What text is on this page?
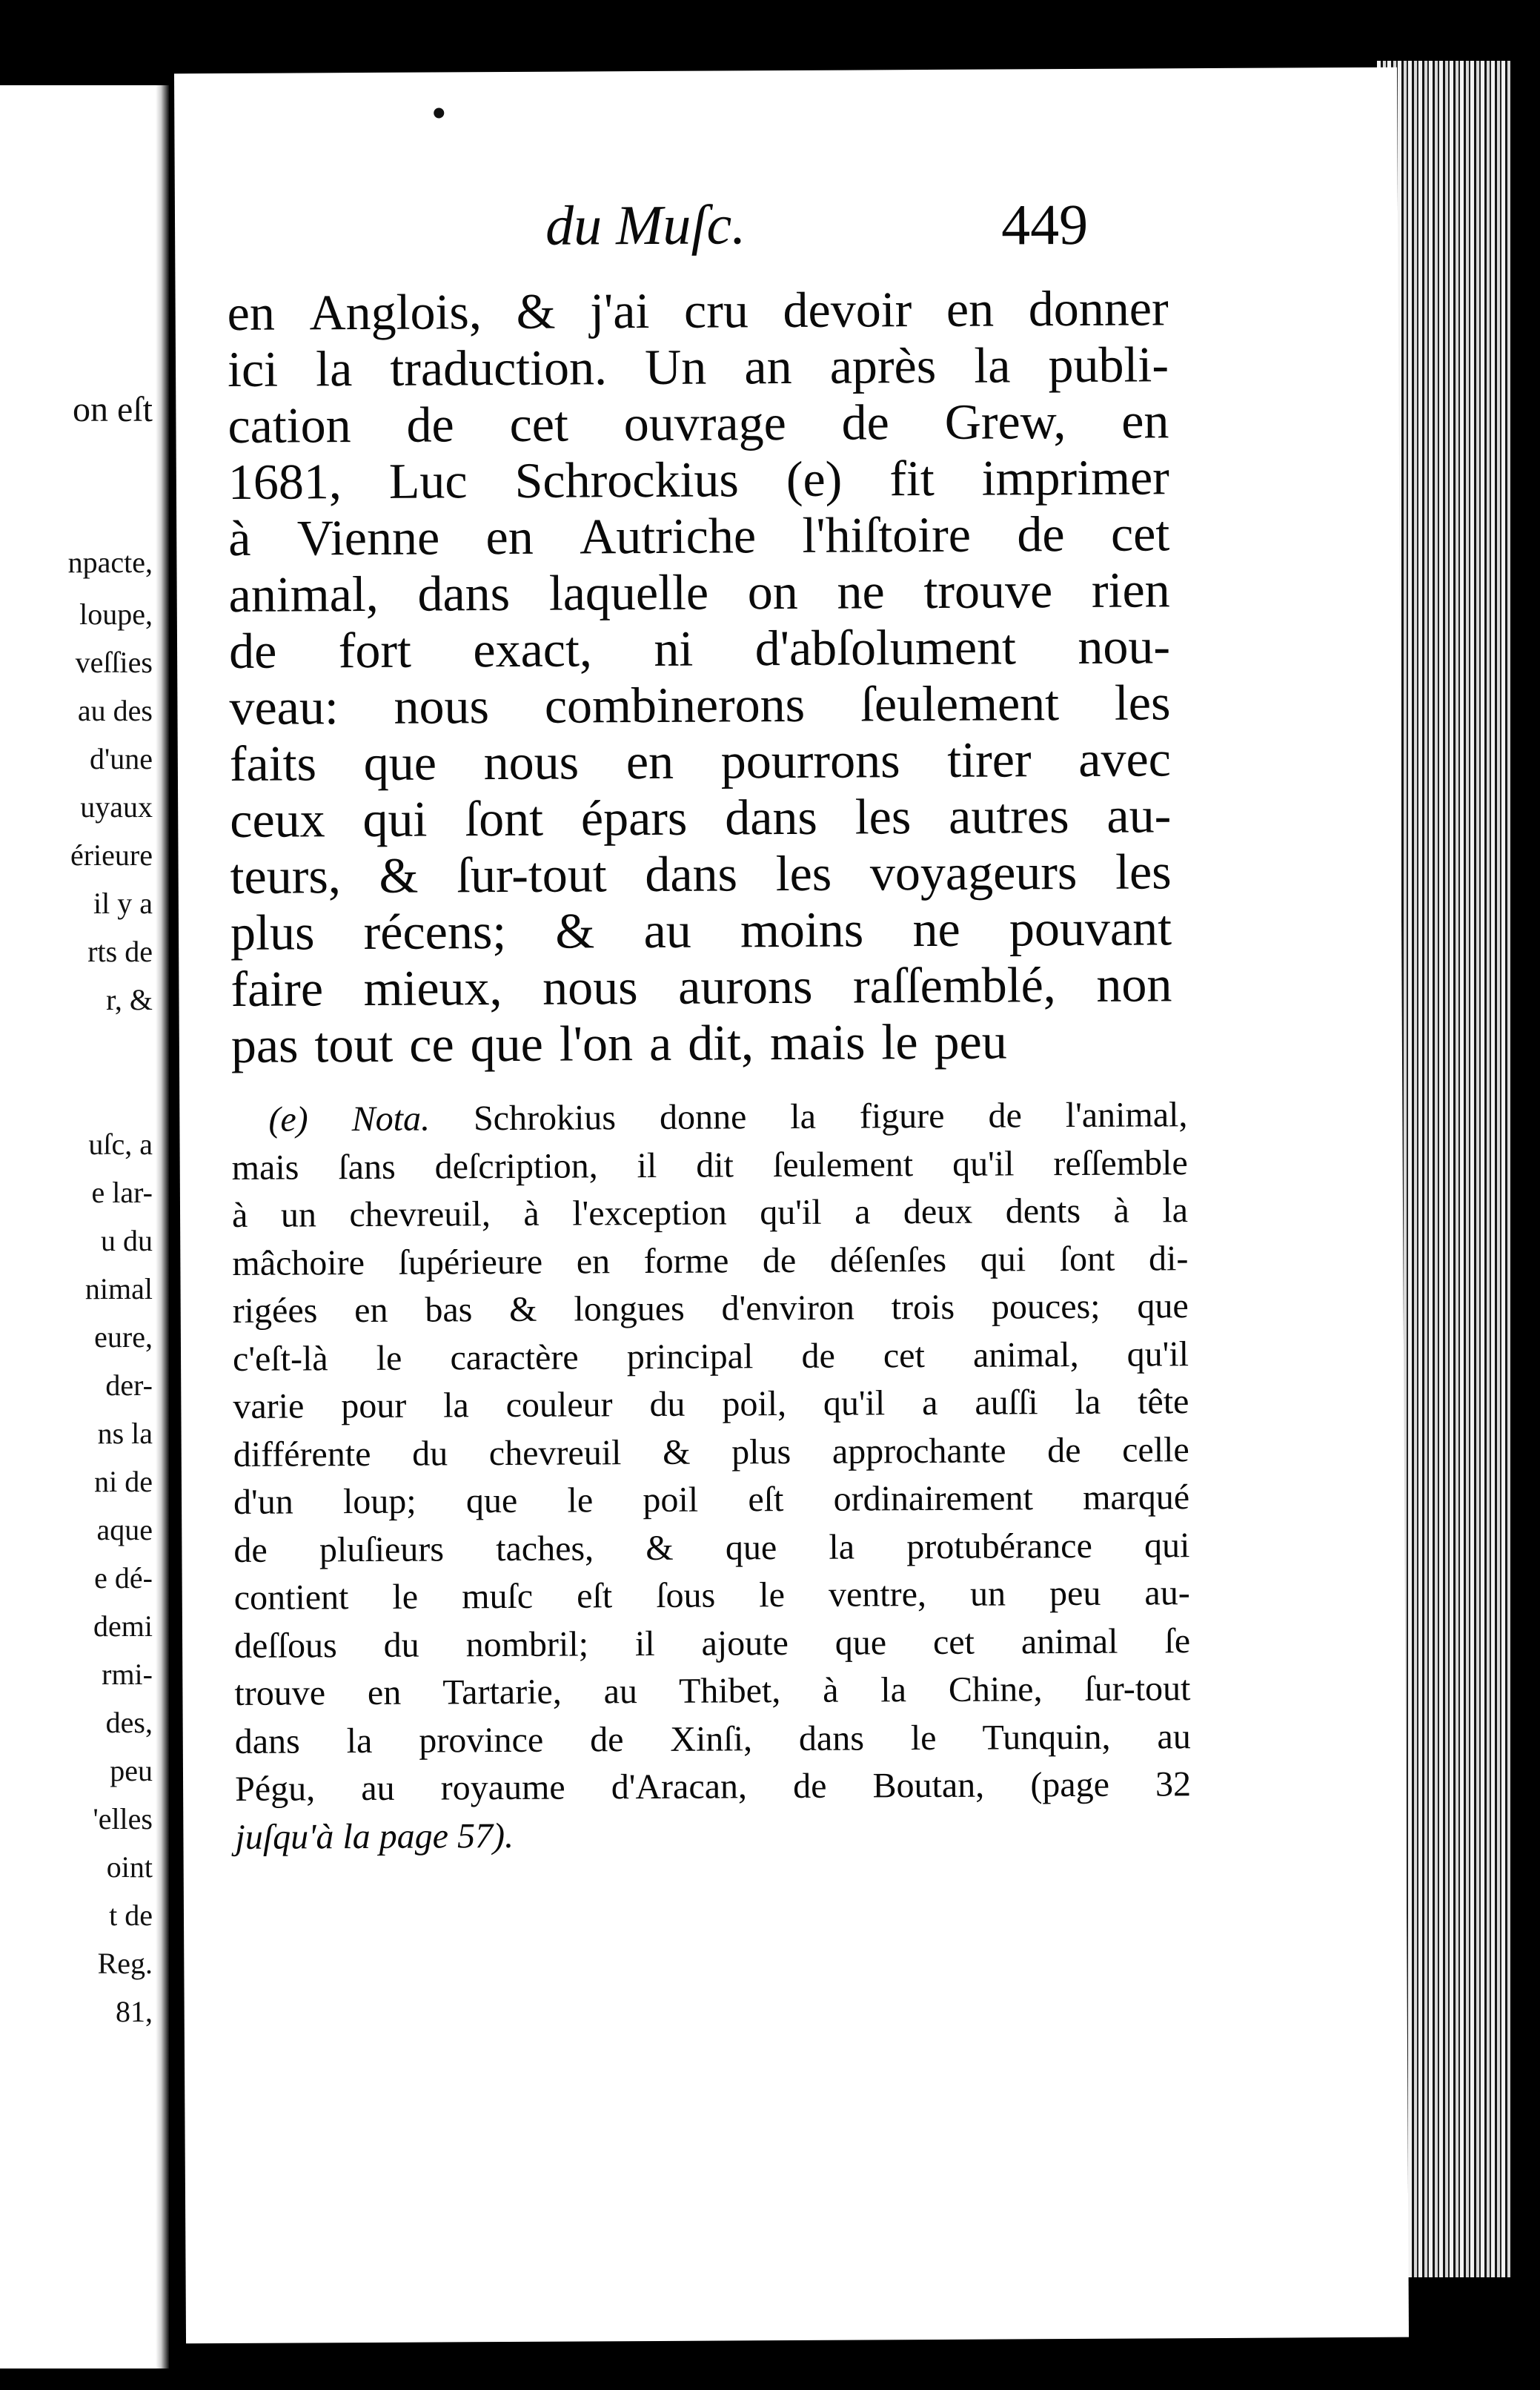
on eſt
npacte,
loupe,
veſſies
au des
d'une
uyaux
érieure
il y a
rts de
r, &
uſc, a
e lar-
u du
nimal
eure,
der-
ns la
ni de
aque
e dé-
demi
rmi-
des,
peu
'elles
oint
t de
Reg.
81,
du Muſc.	449
en Anglois, & j'ai cru devoir en donner
ici la traduction. Un an après la publi-
cation de cet ouvrage de Grew, en
1681, Luc Schrockius (e) fit imprimer
à Vienne en Autriche l'hiſtoire de cet
animal, dans laquelle on ne trouve rien
de fort exact, ni d'abſolument nou-
veau: nous combinerons ſeulement les
faits que nous en pourrons tirer avec
ceux qui ſont épars dans les autres au-
teurs, & ſur-tout dans les voyageurs les
plus récens; & au moins ne pouvant
faire mieux, nous aurons raſſemblé, non
pas tout ce que l'on a dit, mais le peu
(e) Nota. Schrokius donne la figure de l'animal,
mais ſans deſcription, il dit ſeulement qu'il reſſemble
à un chevreuil, à l'exception qu'il a deux dents à la
mâchoire ſupérieure en forme de déſenſes qui ſont di-
rigées en bas & longues d'environ trois pouces; que
c'eſt-là le caractère principal de cet animal, qu'il
varie pour la couleur du poil, qu'il a auſſi la tête
différente du chevreuil & plus approchante de celle
d'un loup; que le poil eſt ordinairement marqué
de pluſieurs taches, & que la protubérance qui
contient le muſc eſt ſous le ventre, un peu au-
deſſous du nombril; il ajoute que cet animal ſe
trouve en Tartarie, au Thibet, à la Chine, ſur-tout
dans la province de Xinſi, dans le Tunquin, au
Pégu, au royaume d'Aracan, de Boutan, (page 32
juſqu'à la page 57).
